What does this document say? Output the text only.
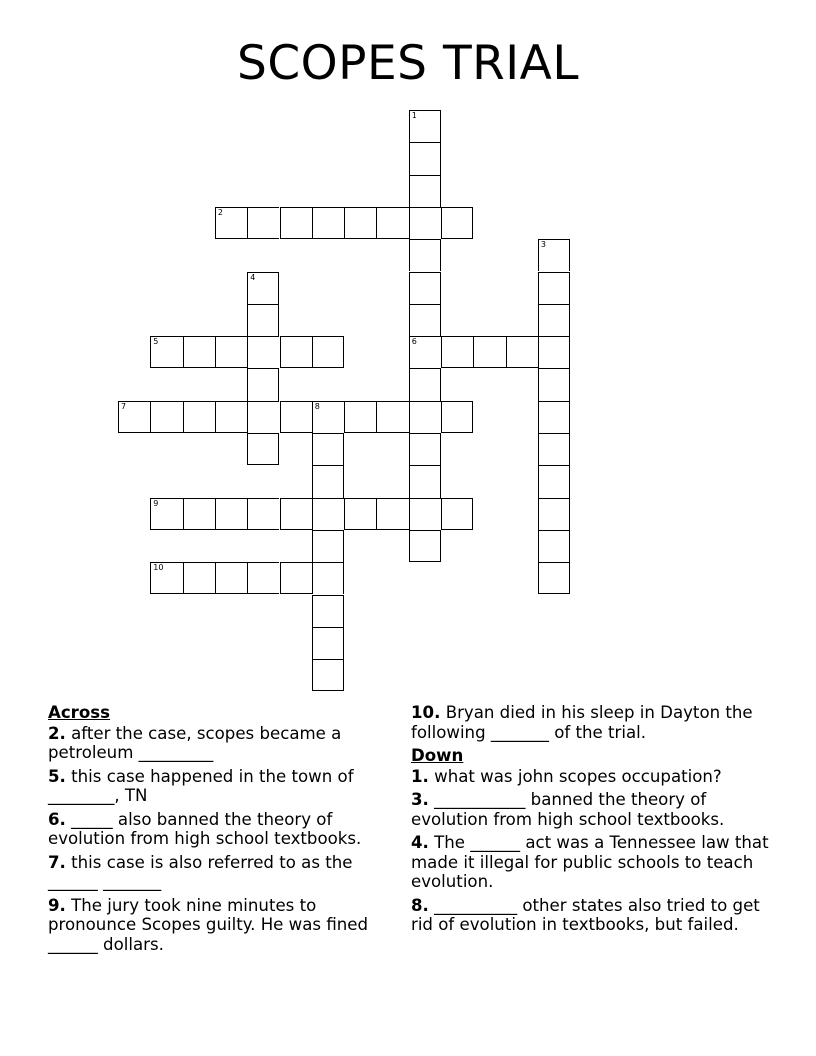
SCOPES TRIAL
1
6
2
3
4
5
7	8
9
10
Across
2. after the case, scopes became a petroleum _________
5. this case happened in the town of ________, TN
6. _____ also banned the theory of evolution from high school textbooks.
7. this case is also referred to as the ______ _______
9. The jury took nine minutes to pronounce Scopes guilty. He was fined ______ dollars.
10. Bryan died in his sleep in Dayton the following _______ of the trial.
Down
1. what was john scopes occupation?
3. ___________ banned the theory of evolution from high school textbooks.
4. The ______ act was a Tennessee law that made it illegal for public schools to teach evolution.
8. __________ other states also tried to get rid of evolution in textbooks, but failed.
